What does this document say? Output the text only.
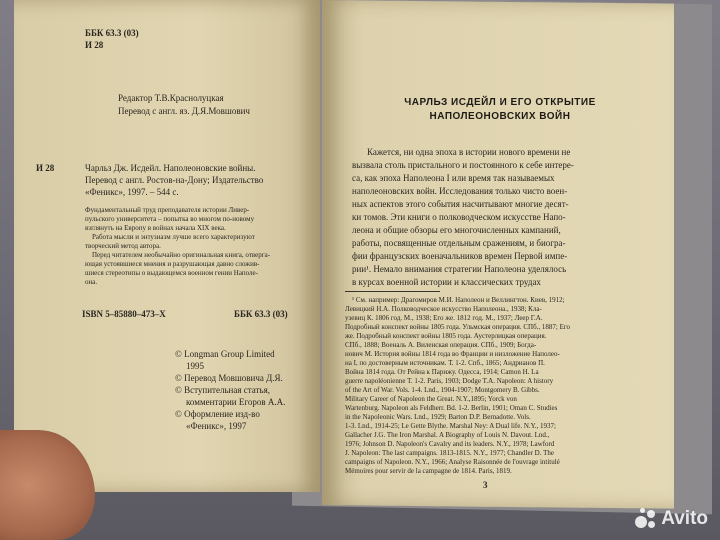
ББК 63.3 (03)
И 28
Редактор Т.В.Краснолуцкая
Перевод с англ. яз. Д.Я.Мовшович
И 28	Чарльз Дж. Исдейл. Наполеоновские войны.
Перевод с англ. Ростов-на-Дону; Издательство
«Феникс», 1997. – 544 с.
Фундаментальный труд преподавателя истории Ливер-
пульского университета – попытка во многом по-новому
взглянуть на Европу в войнах начала XIX века.
Работа мысли и энтузиазм лучше всего характеризуют
творческий метод автора.
Перед читателем необычайно оригинальная книга, отверга-
ющая устоявшиеся мнения и разрушающая давно сложив-
шиеся стереотипы о выдающемся военном гении Наполе-
она.
ISBN 5–85880–473–X	ББК 63.3 (03)
© Longman Group Limited
1995
© Перевод Мовшовича Д.Я.
© Вступительная статья,
комментарии Егоров А.А.
© Оформление изд-во
«Феникс», 1997
ЧАРЛЬЗ ИСДЕЙЛ И ЕГО ОТКРЫТИЕ
НАПОЛЕОНОВСКИХ ВОЙН
Кажется, ни одна эпоха в истории нового времени не
вызвала столь пристального и постоянного к себе интере-
са, как эпоха Наполеона I или время так называемых
наполеоновских войн. Исследования только чисто воен-
ных аспектов этого события насчитывают многие десят-
ки томов. Эти книги о полководческом искусстве Напо-
леона и общие обзоры его многочисленных кампаний,
работы, посвященные отдельным сражениям, и биогра-
фии французских военачальников времен Первой импе-
рии¹. Немало внимания стратегии Наполеона уделялось
в курсах военной истории и классических трудах
¹ См. например: Драгомиров М.И. Наполеон и Веллингтон. Киев, 1912;
Левицкий Н.А. Полководческое искусство Наполеона., 1938; Кла-
узевиц К. 1806 год. М., 1938; Его же. 1812 год. М., 1937; Леер Г.А.
Подробный конспект войны 1805 года. Ульмская операция. СПб., 1887; Его
же. Подробный конспект войны 1805 года. Аустерлицкая операция.
СПб., 1888; Военаль А. Виленская операция. СПб., 1909; Богда-
нович М. История войны 1814 года во Франции и низложение Наполео-
на I, по достоверным источникам. Т. 1-2. Спб., 1865; Андрианов П.
Война 1814 года. От Рейна к Парижу. Одесса, 1914; Camon H. La
guerre napoléonienne T. 1-2. Paris, 1903; Dodge T.A. Napoleon: A history
of the Art of War. Vols. 1-4. Lnd., 1904-1907; Montgomery B. Gibbs.
Military Career of Napoleon the Great. N.Y.,1895; Yorck von
Wartenburg. Napoleon als Feldherr. Bd. 1-2. Berlin, 1901; Oman C. Studies
in the Napoleonic Wars. Lnd., 1929; Barton D.P. Bernadotte. Vols.
1-3. Lnd., 1914-25; Le Gette Blythe. Marshal Ney: A Dual life. N.Y., 1937;
Gallacher J.G. The Iron Marshal. A Biography of Louis N. Davout. Lnd.,
1976; Johnson D. Napoleon's Cavalry and its leaders. N.Y., 1978; Lawford
J. Napoleon: The last campaigns. 1813-1815. N.Y., 1977; Chandler D. The
campaigns of Napoleon. N.Y., 1966; Analyse Raisonnée de l'ouvrage intitulé
Mémoires pour servir de la campagne de 1814. Paris, 1819.
3
Avito
